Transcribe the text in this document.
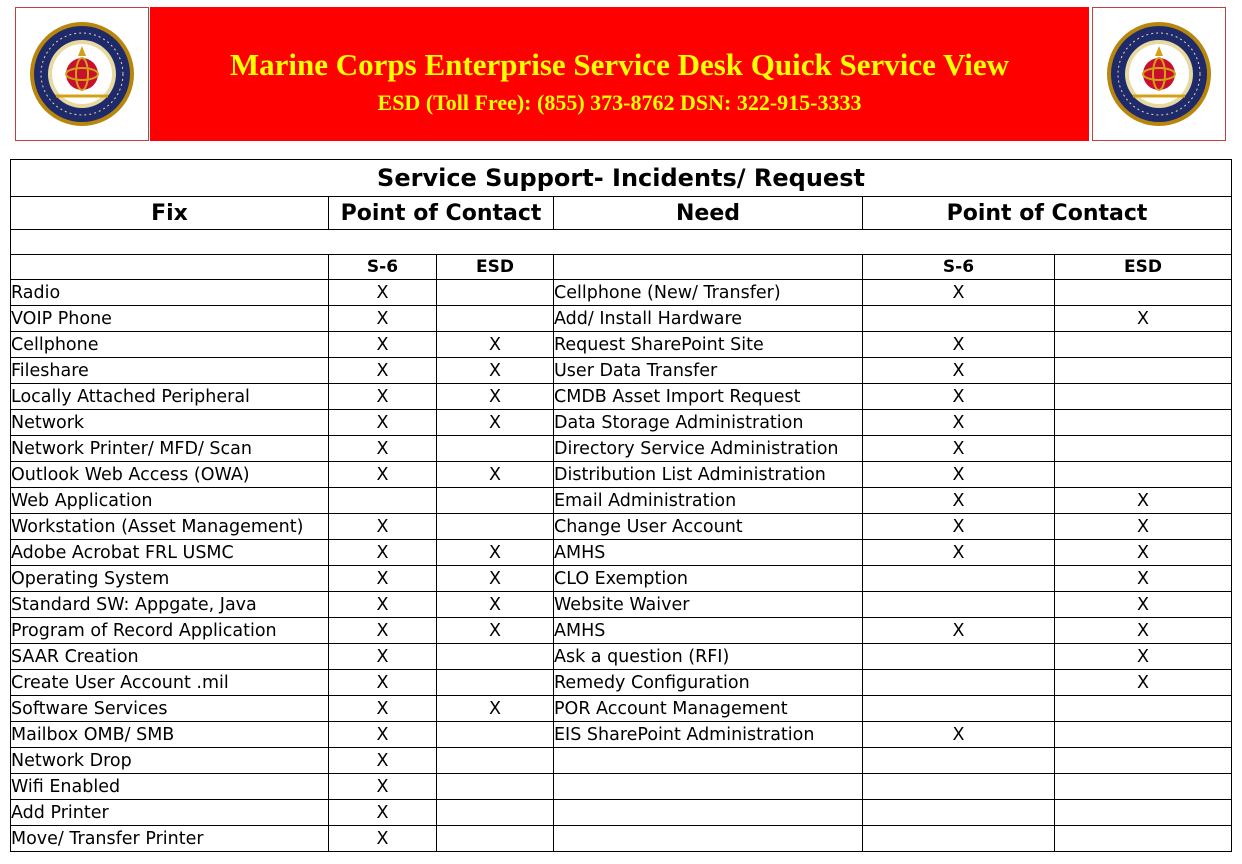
Marine Corps Enterprise Service Desk Quick Service View
ESD (Toll Free): (855) 373-8762 DSN: 322-915-3333
Service Support- Incidents/ Request					
Fix	Point of Contact		Need	Point of Contact	

	S-6	ESD		S-6	ESD
Radio	X		Cellphone (New/ Transfer)	X	
VOIP Phone	X		Add/ Install Hardware		X
Cellphone	X	X	Request SharePoint Site	X	
Fileshare	X	X	User Data Transfer	X	
Locally Attached Peripheral	X	X	CMDB Asset Import Request	X	
Network	X	X	Data Storage Administration	X	
Network Printer/ MFD/ Scan	X		Directory Service Administration	X	
Outlook Web Access (OWA)	X	X	Distribution List Administration	X	
Web Application			Email Administration	X	X
Workstation (Asset Management)	X		Change User Account	X	X
Adobe Acrobat FRL USMC	X	X	AMHS	X	X
Operating System	X	X	CLO Exemption		X
Standard SW: Appgate, Java	X	X	Website Waiver		X
Program of Record Application	X	X	AMHS	X	X
SAAR Creation	X		Ask a question (RFI)		X
Create User Account .mil	X		Remedy Configuration		X
Software Services	X	X	POR Account Management		
Mailbox OMB/ SMB	X		EIS SharePoint Administration	X	
Network Drop	X				
Wifi Enabled	X				
Add Printer	X				
Move/ Transfer Printer	X				
